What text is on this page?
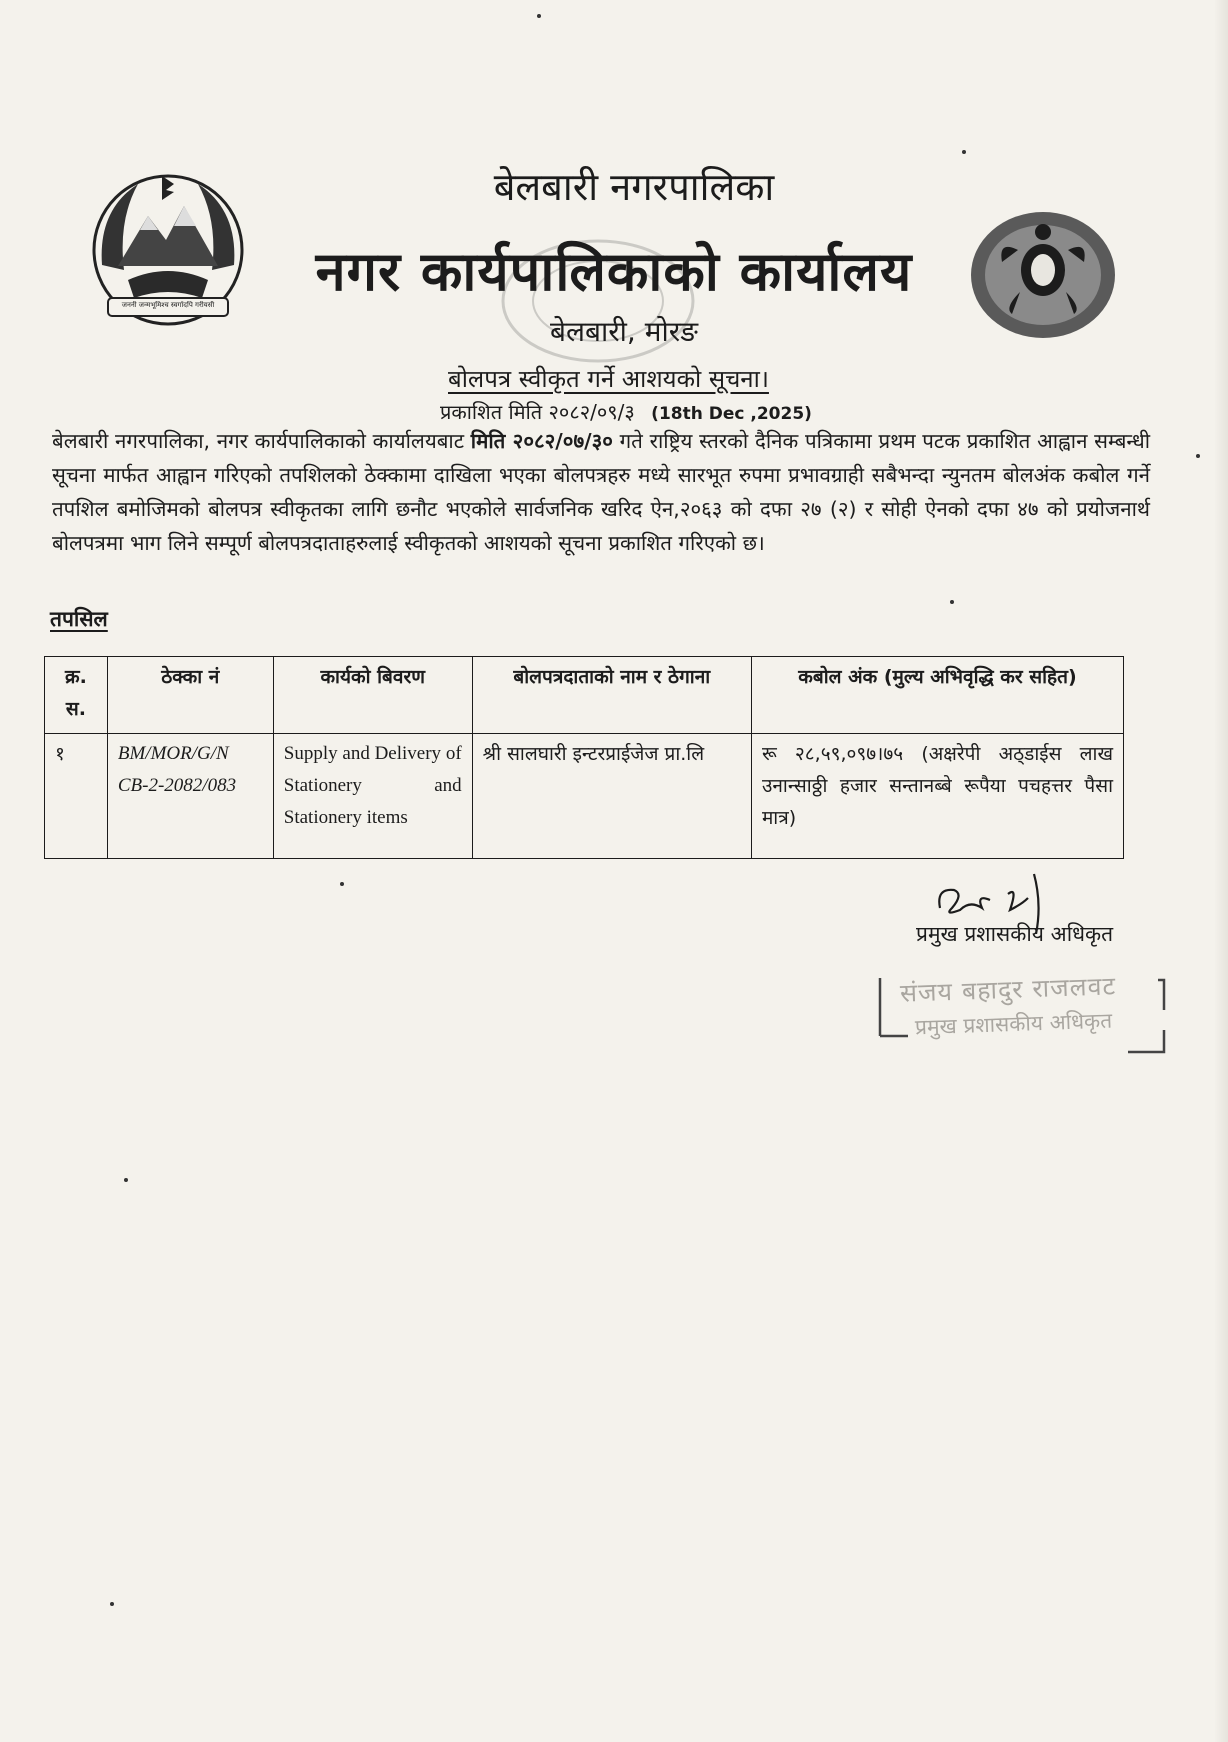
जननी जन्मभूमिश्च स्वर्गादपि गरीयसी
बेलबारी नगरपालिका
नगर कार्यपालिकाको कार्यालय
बेलबारी, मोरङ
बोलपत्र स्वीकृत गर्ने आशयको सूचना।
प्रकाशित मिति २०८२/०९/३ (18th Dec ,2025)
बेलबारी नगरपालिका, नगर कार्यपालिकाको कार्यालयबाट मिति २०८२/०७/३० गते राष्ट्रिय स्तरको दैनिक पत्रिकामा प्रथम पटक प्रकाशित आह्वान सम्बन्धी सूचना मार्फत आह्वान गरिएको तपशिलको ठेक्कामा दाखिला भएका बोलपत्रहरु मध्ये सारभूत रुपमा प्रभावग्राही सबैभन्दा न्युनतम बोलअंक कबोल गर्ने तपशिल बमोजिमको बोलपत्र स्वीकृतका लागि छनौट भएकोले सार्वजनिक खरिद ऐन,२०६३ को दफा २७ (२) र सोही ऐनको दफा ४७ को प्रयोजनार्थ बोलपत्रमा भाग लिने सम्पूर्ण बोलपत्रदाताहरुलाई स्वीकृतको आशयको सूचना प्रकाशित गरिएको छ।
तपसिल
क्र. स.	ठेक्का नं	कार्यको बिवरण	बोलपत्रदाताको नाम र ठेगाना	कबोल अंक (मुल्य अभिवृद्धि कर सहित)
१	BM/MOR/G/N CB-2-2082/083	Supply and Delivery of Stationery and Stationery items	श्री सालघारी इन्टरप्राईजेज प्रा.लि	रू २८,५९,०९७।७५ (अक्षरेपी अठ्डाईस लाख उनान्साठ्ठी हजार सन्तानब्बे रूपैया पचहत्तर पैसा मात्र)
प्रमुख प्रशासकीय अधिकृत
संजय बहादुर राजलवट
प्रमुख प्रशासकीय अधिकृत
